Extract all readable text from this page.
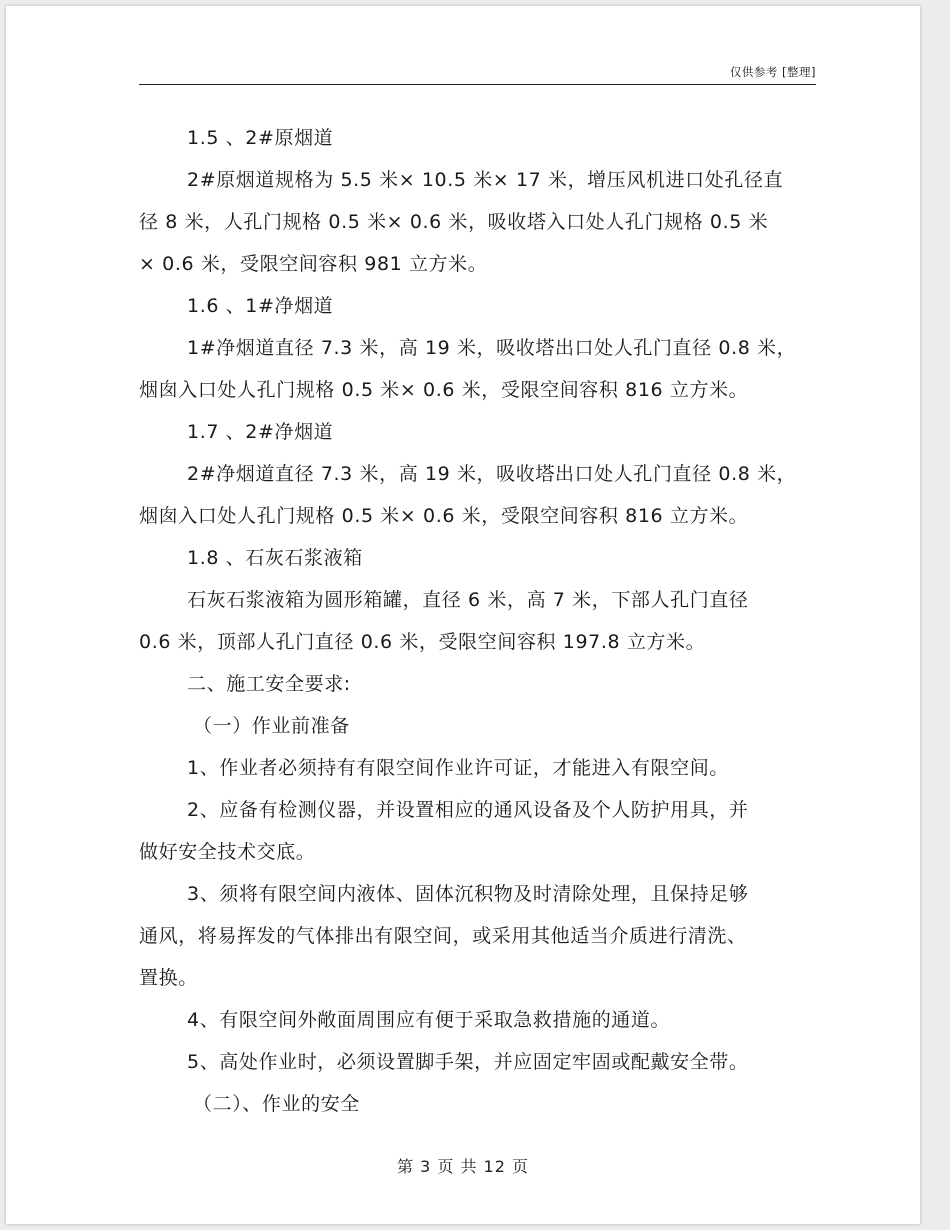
仅供参考 [整理]
1.5 、2#原烟道
2#原烟道规格为 5.5 米× 10.5 米× 17 米，增压风机进口处孔径直
径 8 米，人孔门规格 0.5 米× 0.6 米，吸收塔入口处人孔门规格 0.5 米
× 0.6 米，受限空间容积 981 立方米。
1.6 、1#净烟道
1#净烟道直径 7.3 米，高 19 米，吸收塔出口处人孔门直径 0.8 米，
烟囱入口处人孔门规格 0.5 米× 0.6 米，受限空间容积 816 立方米。
1.7 、2#净烟道
2#净烟道直径 7.3 米，高 19 米，吸收塔出口处人孔门直径 0.8 米，
烟囱入口处人孔门规格 0.5 米× 0.6 米，受限空间容积 816 立方米。
1.8 、石灰石浆液箱
石灰石浆液箱为圆形箱罐，直径 6 米，高 7 米，下部人孔门直径
0.6 米，顶部人孔门直径 0.6 米，受限空间容积 197.8 立方米。
二、施工安全要求:
（一）作业前准备
1、作业者必须持有有限空间作业许可证，才能进入有限空间。
2、应备有检测仪器，并设置相应的通风设备及个人防护用具，并
做好安全技术交底。
3、须将有限空间内液体、固体沉积物及时清除处理，且保持足够
通风，将易挥发的气体排出有限空间，或采用其他适当介质进行清洗、
置换。
4、有限空间外敞面周围应有便于采取急救措施的通道。
5、高处作业时，必须设置脚手架，并应固定牢固或配戴安全带。
（二）、作业的安全
第 3 页 共 12 页
